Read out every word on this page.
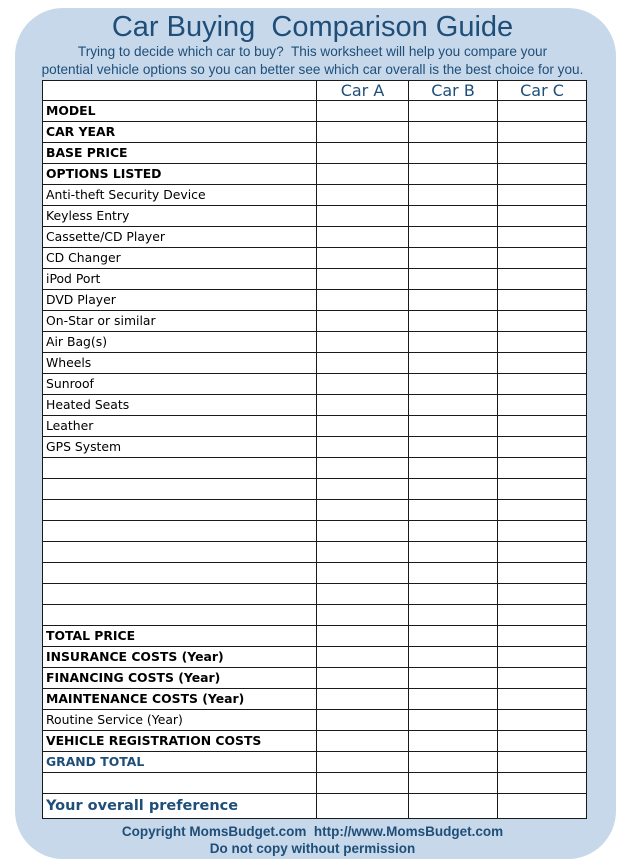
Car Buying  Comparison Guide
Trying to decide which car to buy?  This worksheet will help you compare your
potential vehicle options so you can better see which car overall is the best choice for you.
	Car A	Car B	Car C
MODEL			
CAR YEAR			
BASE PRICE			
OPTIONS LISTED			
Anti-theft Security Device			
Keyless Entry			
Cassette/CD Player			
CD Changer			
iPod Port			
DVD Player			
On-Star or similar			
Air Bag(s)			
Wheels			
Sunroof			
Heated Seats			
Leather			
GPS System			

TOTAL PRICE			
INSURANCE COSTS (Year)			
FINANCING COSTS (Year)			
MAINTENANCE COSTS (Year)			
Routine Service (Year)			
VEHICLE REGISTRATION COSTS			
GRAND TOTAL			

Your overall preference			
Copyright MomsBudget.com  http://www.MomsBudget.com
Do not copy without permission
